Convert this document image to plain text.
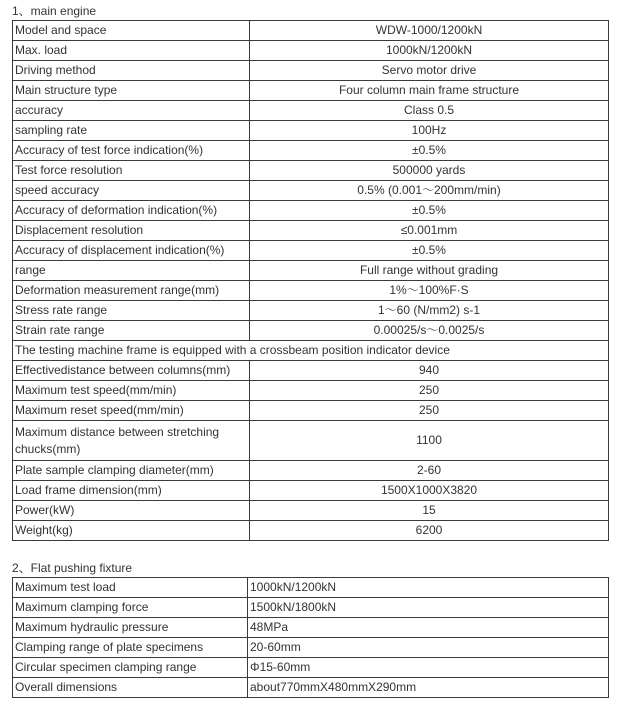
1、main engine
Model and space	WDW-1000/1200kN
Max. load	1000kN/1200kN
Driving method	Servo motor drive
Main structure type	Four column main frame structure
accuracy	Class 0.5
sampling rate	100Hz
Accuracy of test force indication(%)	±0.5%
Test force resolution	500000 yards
speed accuracy	0.5% (0.001～200mm/min)
Accuracy of deformation indication(%)	±0.5%
Displacement resolution	≤0.001mm
Accuracy of displacement indication(%)	±0.5%
range	Full range without grading
Deformation measurement range(mm)	1%～100%F·S
Stress rate range	1～60 (N/mm2) s-1
Strain rate range	0.00025/s～0.0025/s
The testing machine frame is equipped with a crossbeam position indicator device	
Effectivedistance between columns(mm)	940
Maximum test speed(mm/min)	250
Maximum reset speed(mm/min)	250
Maximum distance between stretching chucks(mm)	1100
Plate sample clamping diameter(mm)	2-60
Load frame dimension(mm)	1500X1000X3820
Power(kW)	15
Weight(kg)	6200
2、Flat pushing fixture
Maximum test load	1000kN/1200kN
Maximum clamping force	1500kN/1800kN
Maximum hydraulic pressure	48MPa
Clamping range of plate specimens	20-60mm
Circular specimen clamping range	Φ15-60mm
Overall dimensions	about770mmX480mmX290mm
